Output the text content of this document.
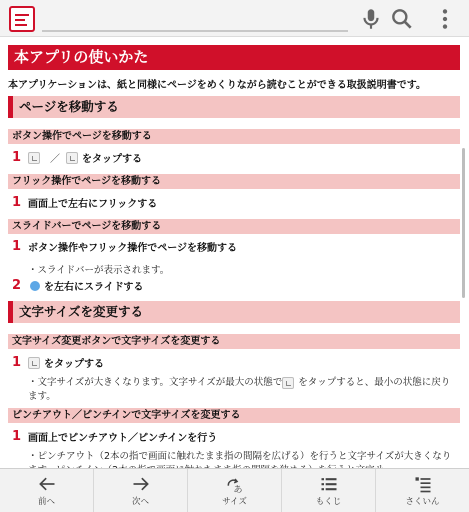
本アプリの使いかた
本アプリケーションは、紙と同様にページをめくりながら読むことができる取扱説明書です。
ページを移動する
ボタン操作でページを移動する
1	／ をタップする
フリック操作でページを移動する
1 画面上で左右にフリックする
スライドバーでページを移動する
1 ボタン操作やフリック操作でページを移動する
・スライドバーが表示されます。
2	を左右にスライドする
文字サイズを変更する
文字サイズ変更ボタンで文字サイズを変更する
1	をタップする
・文字サイズが大きくなります。文字サイズが最大の状態で をタップすると、最小の状態に戻ります。
ピンチアウト／ピンチインで文字サイズを変更する
1 画面上でピンチアウト／ピンチインを行う
・ピンチアウト（2本の指で画面に触れたまま指の間隔を広げる）を行うと文字サイズが大きくなり
前へ	次へ
あ
サイズ	もくじ	さくいん
